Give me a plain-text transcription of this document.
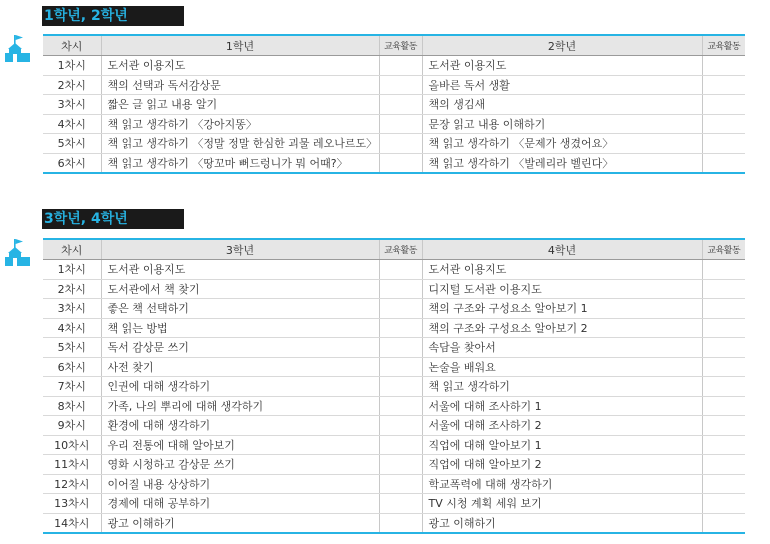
1학년, 2학년
차시	1학년	교육활동	2학년	교육활동
1차시	도서관 이용지도		도서관 이용지도	
2차시	책의 선택과 독서감상문		올바른 독서 생활	
3차시	짧은 글 읽고 내용 알기		책의 생김새	
4차시	책 읽고 생각하기 〈강아지똥〉		문장 읽고 내용 이해하기	
5차시	책 읽고 생각하기 〈정말 정말 한심한 괴물 레오나르도〉		책 읽고 생각하기 〈문제가 생겼어요〉	
6차시	책 읽고 생각하기 〈땅꼬마 뻐드렁니가 뭐 어때?〉		책 읽고 생각하기 〈발레리라 벨린다〉	
3학년, 4학년
차시	3학년	교육활동	4학년	교육활동
1차시	도서관 이용지도		도서관 이용지도	
2차시	도서관에서 책 찾기		디지털 도서관 이용지도	
3차시	좋은 책 선택하기		책의 구조와 구성요소 알아보기 1	
4차시	책 읽는 방법		책의 구조와 구성요소 알아보기 2	
5차시	독서 감상문 쓰기		속담을 찾아서	
6차시	사전 찾기		논술을 배워요	
7차시	인권에 대해 생각하기		책 읽고 생각하기	
8차시	가족, 나의 뿌리에 대해 생각하기		서울에 대해 조사하기 1	
9차시	환경에 대해 생각하기		서울에 대해 조사하기 2	
10차시	우리 전통에 대해 알아보기		직업에 대해 알아보기 1	
11차시	영화 시청하고 감상문 쓰기		직업에 대해 알아보기 2	
12차시	이어질 내용 상상하기		학교폭력에 대해 생각하기	
13차시	경제에 대해 공부하기		TV 시청 계획 세워 보기	
14차시	광고 이해하기		광고 이해하기	
